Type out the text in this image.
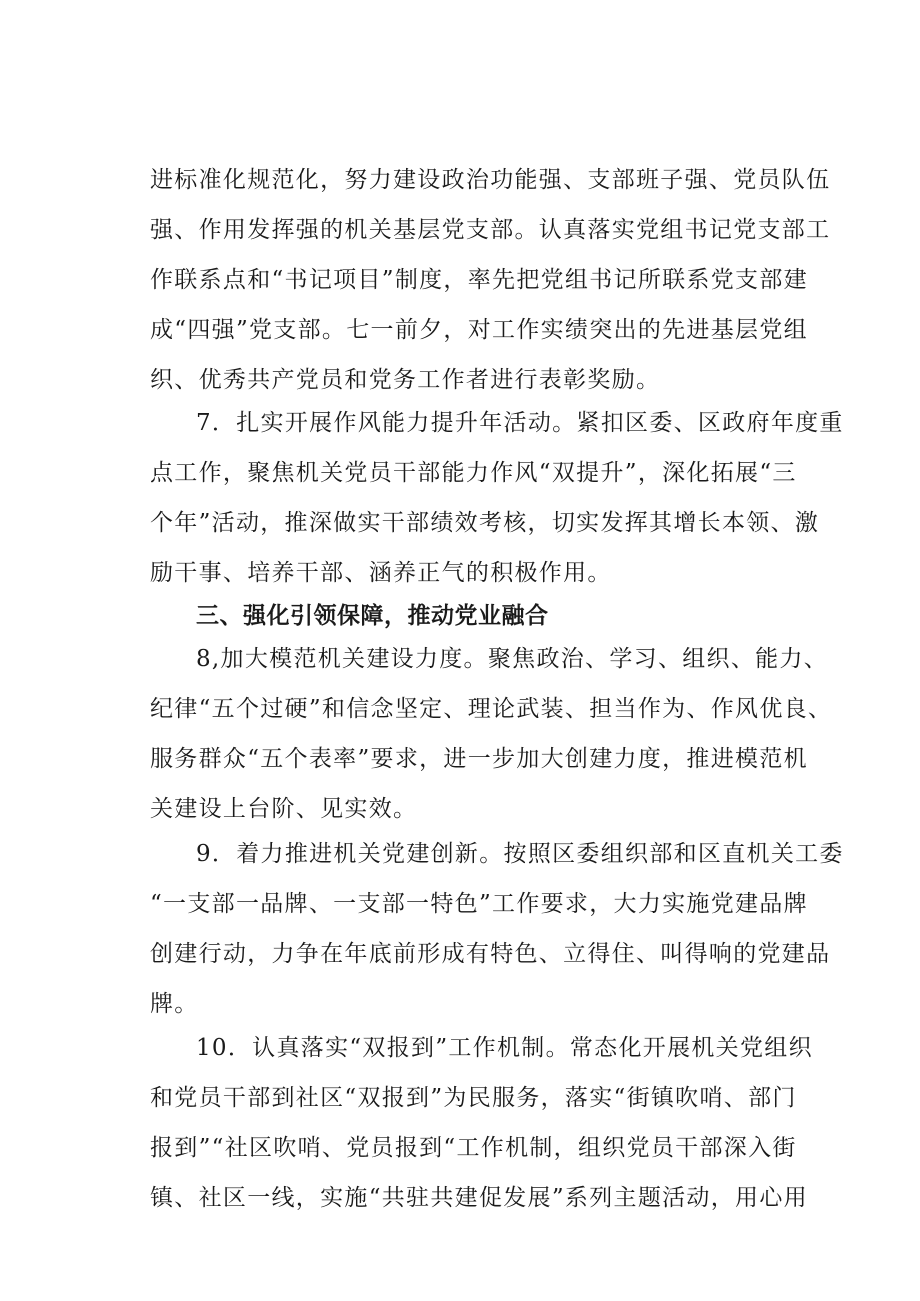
进标准化规范化，努力建设政治功能强、支部班子强、党员队伍
强、作用发挥强的机关基层党支部。认真落实党组书记党支部工
作联系点和“书记项目”制度，率先把党组书记所联系党支部建
成“四强”党支部。七一前夕，对工作实绩突出的先进基层党组
织、优秀共产党员和党务工作者进行表彰奖励。
7．扎实开展作风能力提升年活动。紧扣区委、区政府年度重
点工作，聚焦机关党员干部能力作风“双提升”，深化拓展“三
个年”活动，推深做实干部绩效考核，切实发挥其增长本领、激
励干事、培养干部、涵养正气的积极作用。
三、强化引领保障，推动党业融合
8,加大模范机关建设力度。聚焦政治、学习、组织、能力、
纪律“五个过硬”和信念坚定、理论武装、担当作为、作风优良、
服务群众“五个表率”要求，进一步加大创建力度，推进模范机
关建设上台阶、见实效。
9．着力推进机关党建创新。按照区委组织部和区直机关工委
“一支部一品牌、一支部一特色”工作要求，大力实施党建品牌
创建行动，力争在年底前形成有特色、立得住、叫得响的党建品
牌。
10．认真落实“双报到”工作机制。常态化开展机关党组织
和党员干部到社区“双报到”为民服务，落实“街镇吹哨、部门
报到”“社区吹哨、党员报到“工作机制，组织党员干部深入街
镇、社区一线，实施“共驻共建促发展”系列主题活动，用心用
